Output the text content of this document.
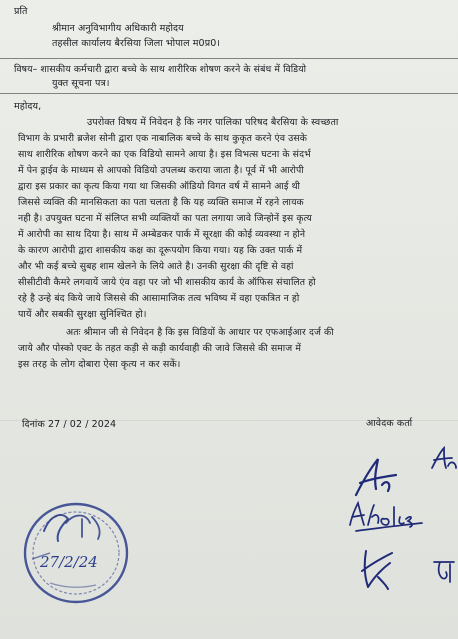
प्रति
श्रीमान अनुविभागीय अधिकारी महोदय
तहसील कार्यालय बैरसिया जिला भोपाल म0प्र0।
विषय– शासकीय कर्मचारी द्वारा बच्चे के साथ शारीरिक शोषण करने के संबंध में विडियो
युक्त सूचना पत्र।
महोदय,
उपरोक्त विषय में निवेदन है कि नगर पालिका परिषद बैरसिया के स्वच्छता
विभाग के प्रभारी ब्रजेश सोनी द्वारा एक नाबालिक बच्चे के साथ कुकृत करने एंव उसके
साथ शारीरिक शोषण करने का एक विडियो सामने आया है। इस विभत्स घटना के संदर्भ
में पेन ड्राईव के माध्यम से आपको विडियो उपलब्ध कराया जाता है। पूर्व में भी आरोपी
द्वारा इस प्रकार का कृत्य किया गया था जिसकी ऑडियो विगत वर्ष में सामने आई थी
जिससे व्यक्ति की मानसिकता का पता चलता है कि यह व्यक्ति समाज में रहने लायक
नही है। उपयुक्त घटना में संलिप्त सभी व्यक्तियों का पता लगाया जावे जिन्होनें इस कृत्य
में आरोपी का साथ दिया है। साथ में अम्बेडकर पार्क में सूरक्षा की कोई व्यवस्था न होने
के कारण आरोपी द्वारा शासकीय कक्ष का दूरूपयोग किया गया। यह कि उक्त पार्क में
और भी कई बच्चे सुबह शाम खेलने के लिये आते है। उनकी सुरक्षा की दृष्टि से वहां
सीसीटीवी कैमरे लगवायें जाये एंव वहा पर जो भी शासकीय कार्य के ऑफिस संचालित हो
रहे है उन्हे बंद किये जाये जिससे की आसामाजिक तत्व भविष्य में वहा एकत्रित न हो
पायें और सबकी सुरक्षा सुनिश्चित हो।
अतः श्रीमान जी से निवेदन है कि इस विडियों के आधार पर एफआईआर दर्ज की
जाये और पोस्को एक्ट के तहत कड़ी से कड़ी कार्यवाही की जावे जिससे की समाज में
इस तरह के लोग दोबारा ऐसा कृत्य न कर सकें।
दिनांक 27 / 02 / 2024	आवेदक कर्ता
27/2/24
